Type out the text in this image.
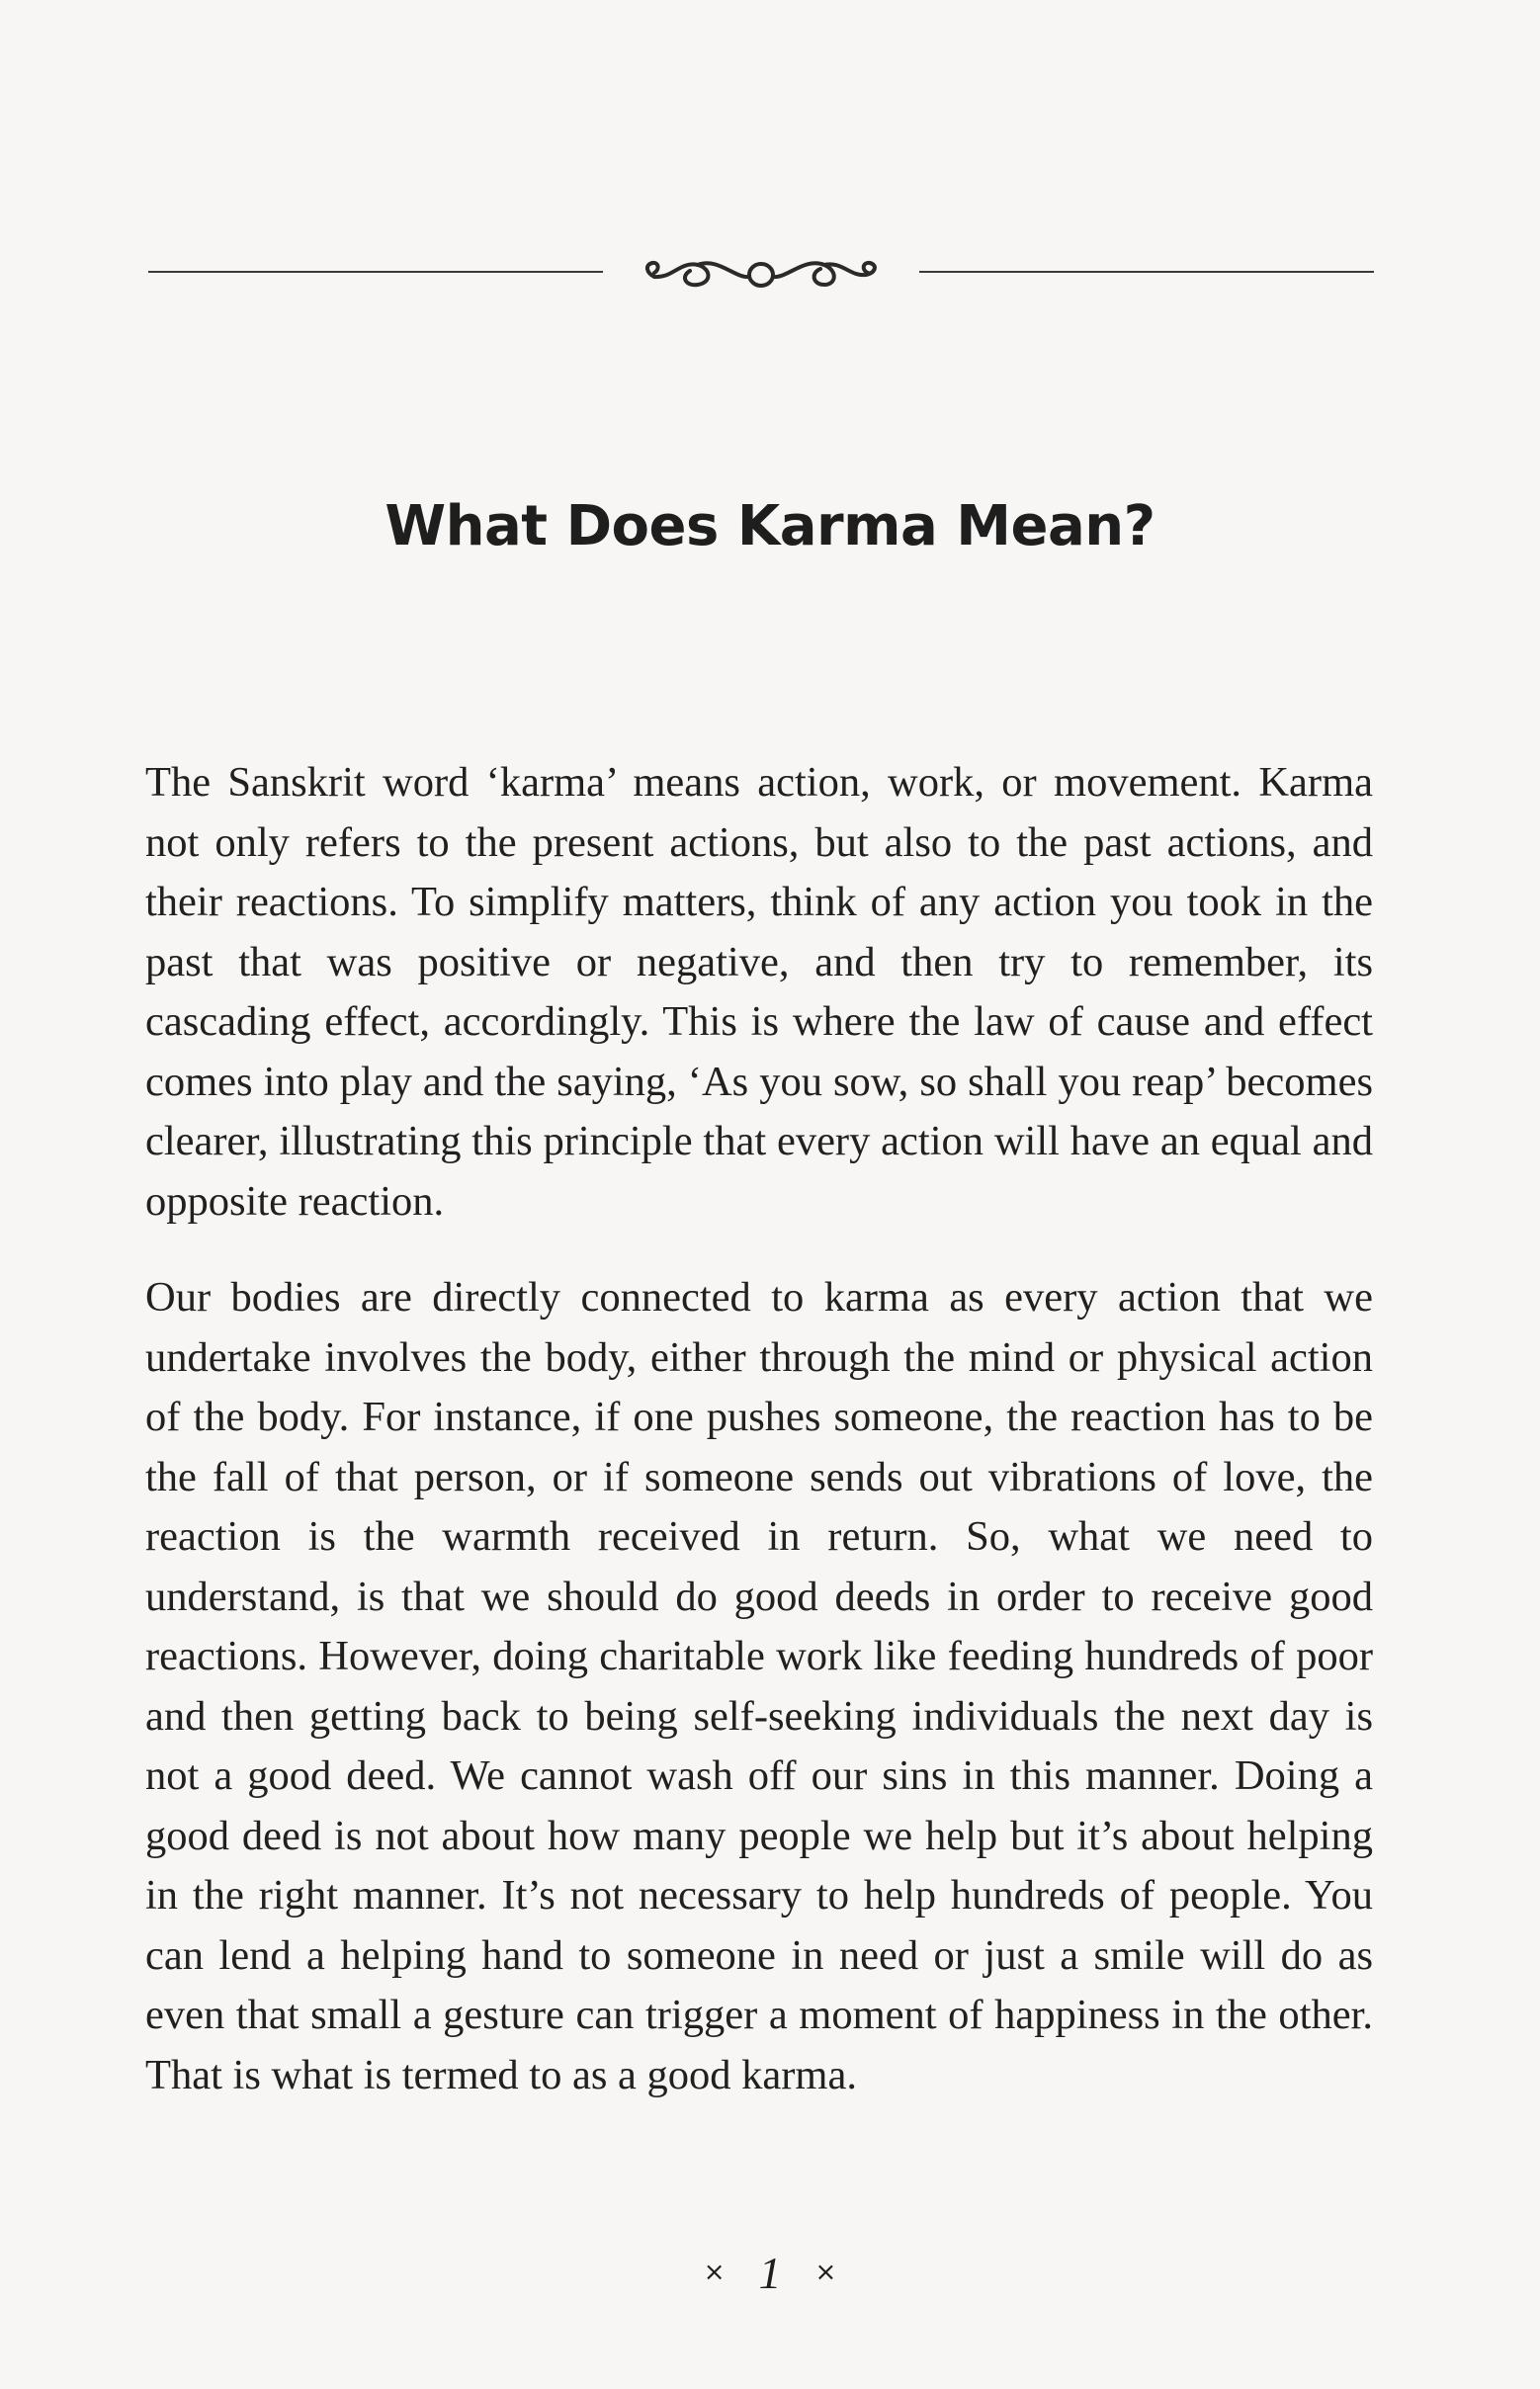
What Does Karma Mean?

The Sanskrit word ‘karma’ means action, work, or movement. Karma not only refers to the present actions, but also to the past actions, and their reactions. To simplify matters, think of any action you took in the past that was positive or negative, and then try to remember, its cascading effect, accordingly. This is where the law of cause and effect comes into play and the saying, ‘As you sow, so shall you reap’ becomes clearer, illustrating this principle that every action will have an equal and opposite reaction.

Our bodies are directly connected to karma as every action that we undertake involves the body, either through the mind or physical action of the body. For instance, if one pushes someone, the reaction has to be the fall of that person, or if someone sends out vibrations of love, the reaction is the warmth received in return. So, what we need to understand, is that we should do good deeds in order to receive good reactions. However, doing charitable work like feeding hundreds of poor and then getting back to being self-seeking individuals the next day is not a good deed. We cannot wash off our sins in this manner. Doing a good deed is not about how many people we help but it’s about helping in the right manner. It’s not necessary to help hundreds of people. You can lend a helping hand to someone in need or just a smile will do as even that small a gesture can trigger a moment of happiness in the other. That is what is termed to as a good karma.

× 1 ×
